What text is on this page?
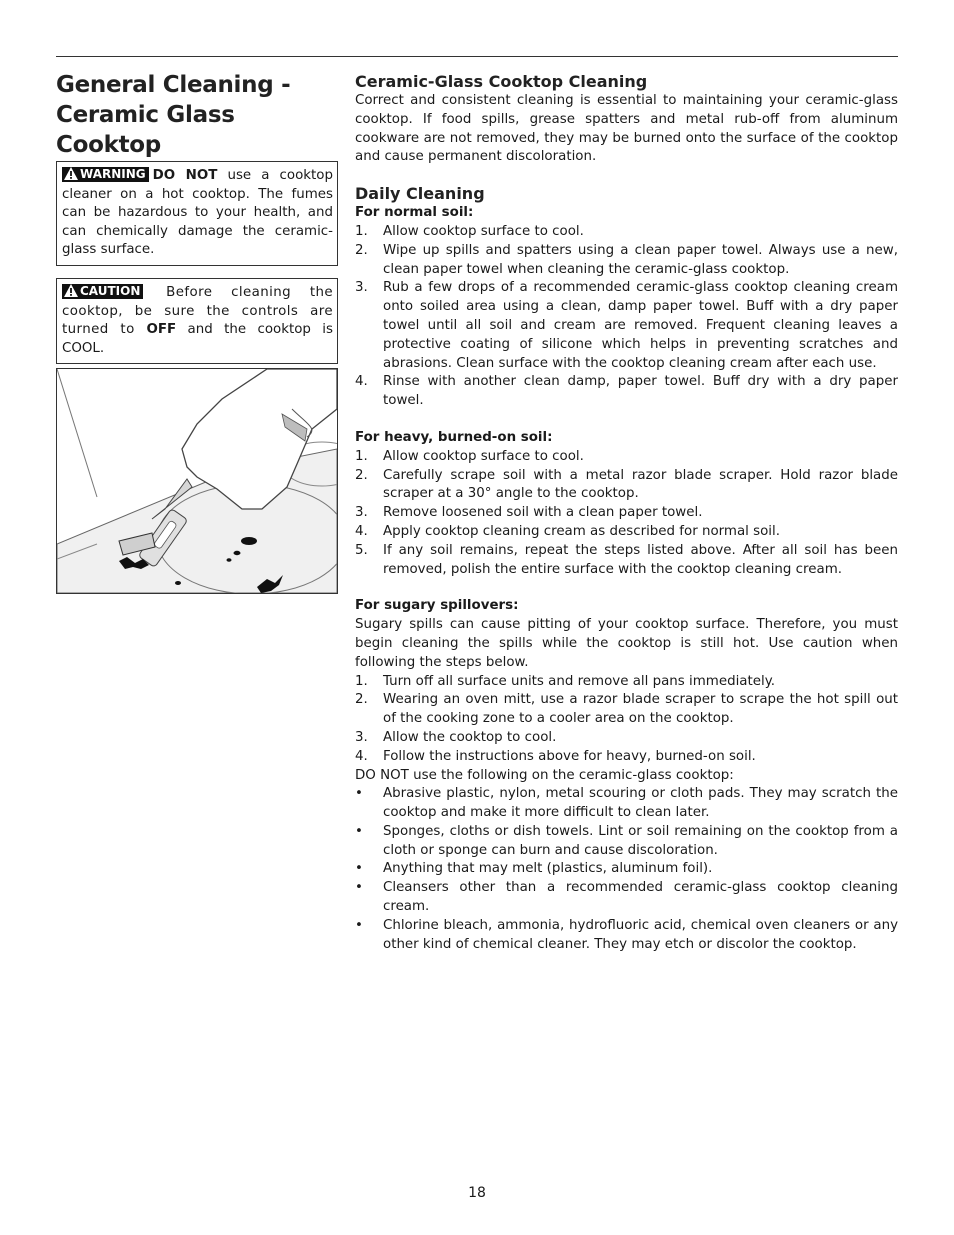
General Cleaning -
Ceramic Glass Cooktop
WARNING DO NOT use a cooktop cleaner on a hot cooktop. The fumes can be hazardous to your health, and can chemically damage the ceramic-glass surface.
CAUTION Before cleaning the cooktop, be sure the controls are turned to OFF and the cooktop is COOL.
Ceramic-Glass Cooktop Cleaning

Correct and consistent cleaning is essential to maintaining your ceramic-glass cooktop. If food spills, grease spatters and metal rub-off from aluminum cookware are not removed, they may be burned onto the surface of the cooktop and cause permanent discoloration.

Daily Cleaning

For normal soil:

1. Allow cooktop surface to cool.
2. Wipe up spills and spatters using a clean paper towel. Always use a new, clean paper towel when cleaning the ceramic-glass cooktop.
3. Rub a few drops of a recommended ceramic-glass cooktop cleaning cream onto soiled area using a clean, damp paper towel. Buff with a dry paper towel until all soil and cream are removed. Frequent cleaning leaves a protective coating of silicone which helps in preventing scratches and abrasions. Clean surface with the cooktop cleaning cream after each use.
4. Rinse with another clean damp, paper towel. Buff dry with a dry paper towel.

For heavy, burned-on soil:

1. Allow cooktop surface to cool.
2. Carefully scrape soil with a metal razor blade scraper. Hold razor blade scraper at a 30° angle to the cooktop.
3. Remove loosened soil with a clean paper towel.
4. Apply cooktop cleaning cream as described for normal soil.
5. If any soil remains, repeat the steps listed above. After all soil has been removed, polish the entire surface with the cooktop cleaning cream.

For sugary spillovers:

Sugary spills can cause pitting of your cooktop surface. Therefore, you must begin cleaning the spills while the cooktop is still hot. Use caution when following the steps below.

1. Turn off all surface units and remove all pans immediately.
2. Wearing an oven mitt, use a razor blade scraper to scrape the hot spill out of the cooking zone to a cooler area on the cooktop.
3. Allow the cooktop to cool.
4. Follow the instructions above for heavy, burned-on soil.

DO NOT use the following on the ceramic-glass cooktop:

• Abrasive plastic, nylon, metal scouring or cloth pads. They may scratch the cooktop and make it more difficult to clean later.
• Sponges, cloths or dish towels. Lint or soil remaining on the cooktop from a cloth or sponge can burn and cause discoloration.
• Anything that may melt (plastics, aluminum foil).
• Cleansers other than a recommended ceramic-glass cooktop cleaning cream.
• Chlorine bleach, ammonia, hydrofluoric acid, chemical oven cleaners or any other kind of chemical cleaner. They may etch or discolor the cooktop.
18
